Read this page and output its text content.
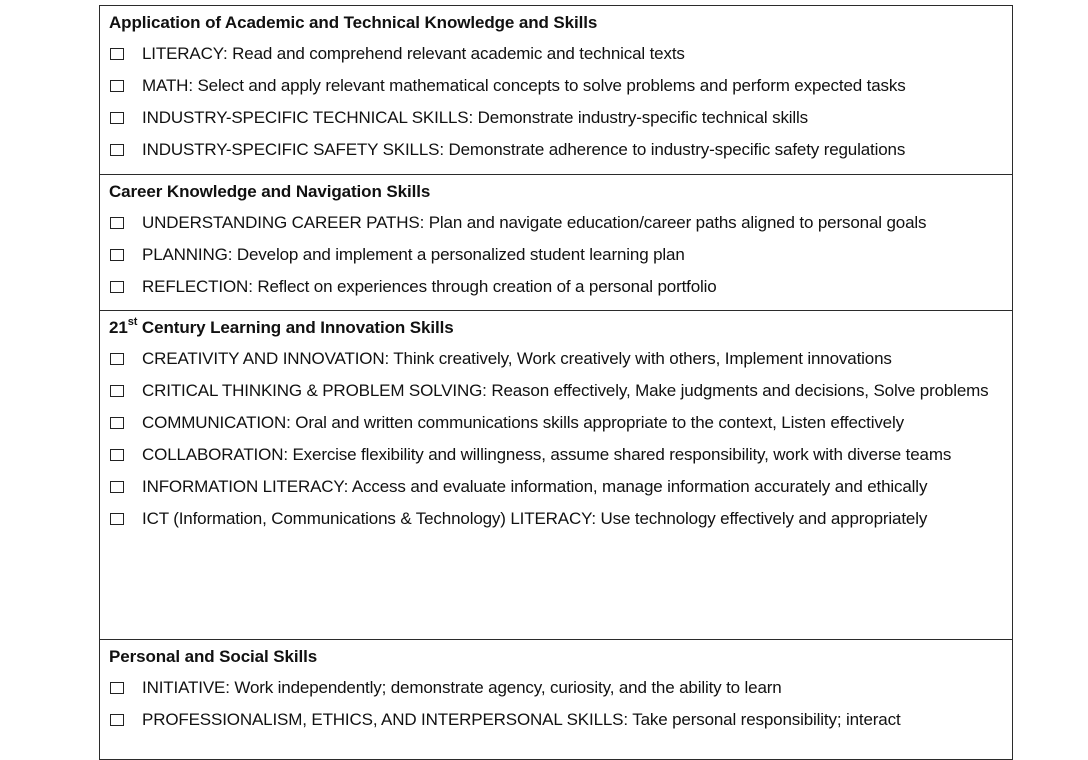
Application of Academic and Technical Knowledge and Skills
LITERACY: Read and comprehend relevant academic and technical texts
MATH: Select and apply relevant mathematical concepts to solve problems and perform expected tasks
INDUSTRY-SPECIFIC TECHNICAL SKILLS: Demonstrate industry-specific technical skills
INDUSTRY-SPECIFIC SAFETY SKILLS: Demonstrate adherence to industry-specific safety regulations
Career Knowledge and Navigation Skills
UNDERSTANDING CAREER PATHS: Plan and navigate education/career paths aligned to personal goals
PLANNING: Develop and implement a personalized student learning plan
REFLECTION: Reflect on experiences through creation of a personal portfolio
21st Century Learning and Innovation Skills
CREATIVITY AND INNOVATION: Think creatively, Work creatively with others, Implement innovations
CRITICAL THINKING & PROBLEM SOLVING: Reason effectively, Make judgments and decisions, Solve problems
COMMUNICATION: Oral and written communications skills appropriate to the context, Listen effectively
COLLABORATION: Exercise flexibility and willingness, assume shared responsibility, work with diverse teams
INFORMATION LITERACY: Access and evaluate information, manage information accurately and ethically
ICT (Information, Communications & Technology) LITERACY: Use technology effectively and appropriately
Personal and Social Skills
INITIATIVE: Work independently; demonstrate agency, curiosity, and the ability to learn
PROFESSIONALISM, ETHICS, AND INTERPERSONAL SKILLS: Take personal responsibility; interact
